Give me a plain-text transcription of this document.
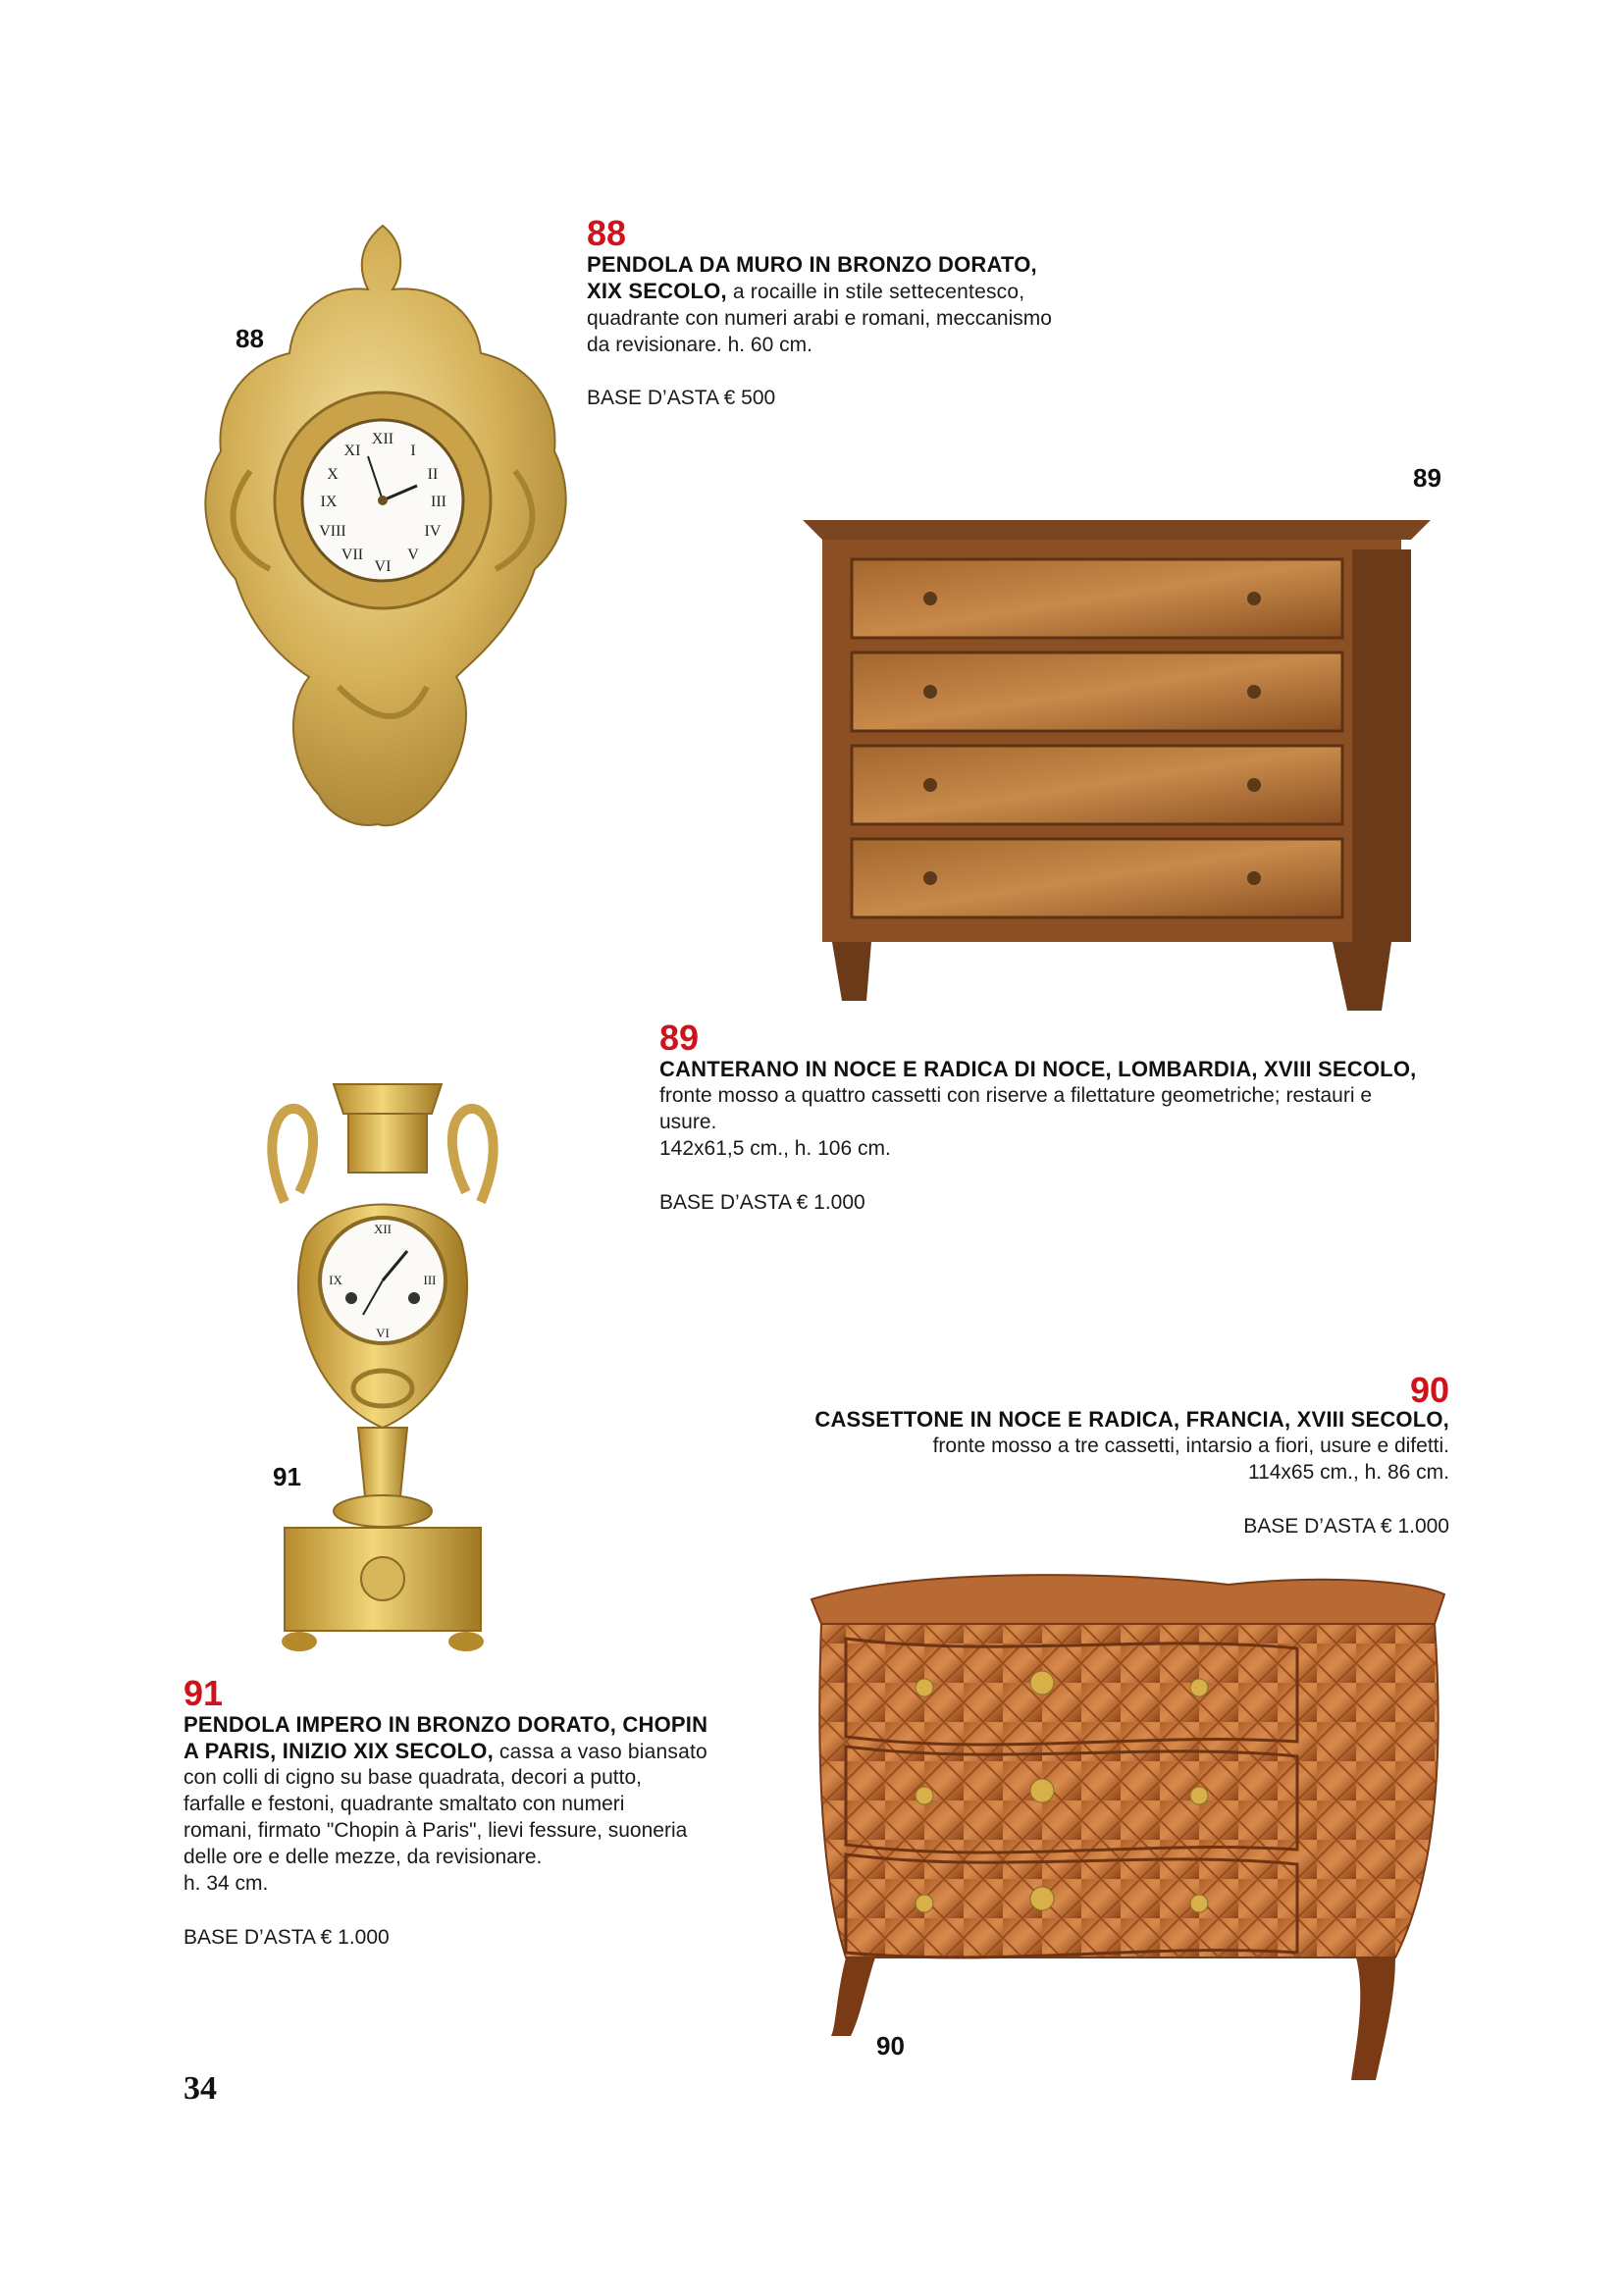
88
XII
III
VI
IX
I
II
IV
V
VII
VIII
X
XI
88
PENDOLA DA MURO IN BRONZO DORATO,
XIX SECOLO, a rocaille in stile settecentesco,
quadrante con numeri arabi e romani, meccanismo
da revisionare. h. 60 cm.
BASE D’ASTA € 500
89
89
CANTERANO IN NOCE E RADICA DI NOCE, LOMBARDIA, XVIII SECOLO,
fronte mosso a quattro cassetti con riserve a filettature geometriche; restauri e
usure.
142x61,5 cm., h. 106 cm.
BASE D’ASTA € 1.000
XII
III
VI
IX
91
90
CASSETTONE IN NOCE E RADICA, FRANCIA, XVIII SECOLO,
fronte mosso a tre cassetti, intarsio a fiori, usure e difetti.
114x65 cm., h. 86 cm.
BASE D’ASTA € 1.000
90
91
PENDOLA IMPERO IN BRONZO DORATO, CHOPIN
A PARIS, INIZIO XIX SECOLO, cassa a vaso biansato
con colli di cigno su base quadrata, decori a putto,
farfalle e festoni, quadrante smaltato con numeri
romani, firmato "Chopin à Paris", lievi fessure, suoneria
delle ore e delle mezze, da revisionare.
h. 34 cm.
BASE D’ASTA € 1.000
34
